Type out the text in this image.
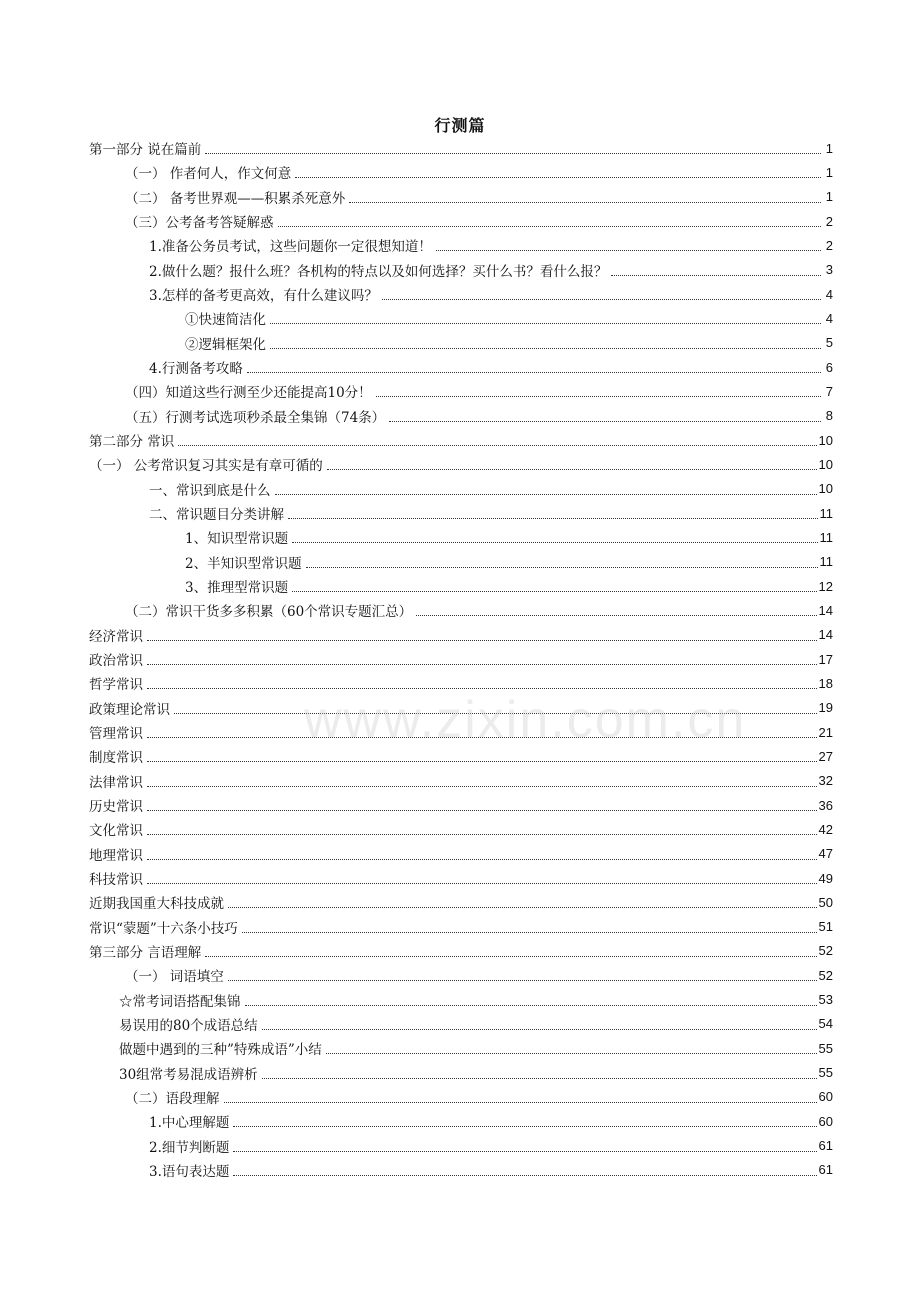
行测篇
第一部分 说在篇前	1
（一） 作者何人，作文何意	1
（二） 备考世界观——积累杀死意外	1
（三）公考备考答疑解惑	2
1.准备公务员考试，这些问题你一定很想知道！	2
2.做什么题？报什么班？各机构的特点以及如何选择？买什么书？看什么报？	3
3.怎样的备考更高效，有什么建议吗？	4
①快速简洁化	4
②逻辑框架化	5
4.行测备考攻略	6
（四）知道这些行测至少还能提高10分！	7
（五）行测考试选项秒杀最全集锦（74条）	8
第二部分 常识	10
（一） 公考常识复习其实是有章可循的	10
一、常识到底是什么	10
二、常识题目分类讲解	11
1、知识型常识题	11
2、半知识型常识题	11
3、推理型常识题	12
（二）常识干货多多积累（60个常识专题汇总）	14
经济常识	14
政治常识	17
哲学常识	18
政策理论常识	19
管理常识	21
制度常识	27
法律常识	32
历史常识	36
文化常识	42
地理常识	47
科技常识	49
近期我国重大科技成就	50
常识“蒙题”十六条小技巧	51
第三部分 言语理解	52
（一） 词语填空	52
☆常考词语搭配集锦	53
易误用的80个成语总结	54
做题中遇到的三种”特殊成语”小结	55
30组常考易混成语辨析	55
（二）语段理解	60
1.中心理解题	60
2.细节判断题	61
3.语句表达题	61
www.zixin.com.cn
